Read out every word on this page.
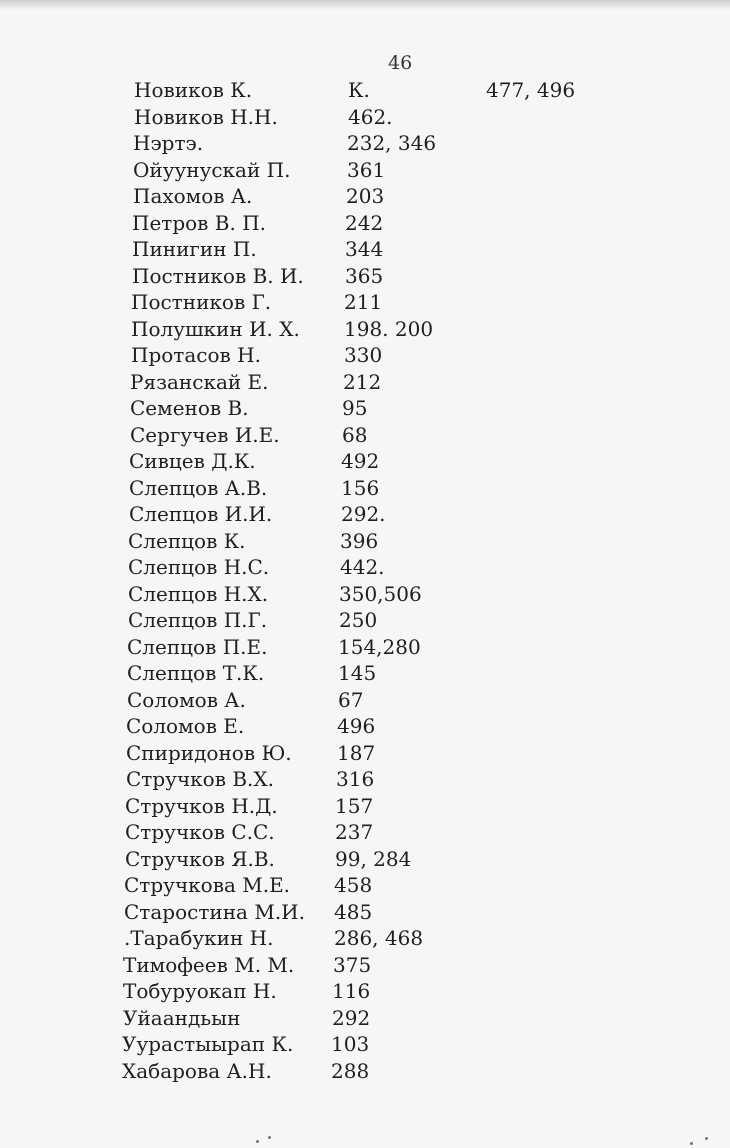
46
Новиков К.	К.	477, 496
Новиков Н.Н.	462.
Нэртэ.	232, 346
Ойуунускай П.	361
Пахомов А.	203
Петров В. П.	242
Пинигин П.	344
Постников В. И. 365
Постников Г.	211
Полушкин И. Х. 198. 200
Протасов Н.	330
Рязанскай Е.	212
Семенов В.	95
Сергучев И.Е.	68
Сивцев Д.К.	492
Слепцов А.В.	156
Слепцов И.И.	292.
Слепцов К.	396
Слепцов Н.С.	442.
Слепцов Н.Х.	350,506
Слепцов П.Г.	250
Слепцов П.Е.	154,280
Слепцов Т.К.	145
Соломов А.	67
Соломов Е.	496
Спиридонов Ю. 187
Стручков В.Х.	316
Стручков Н.Д.	157
Стручков С.С.	237
Стручков Я.В.	99, 284
Стручкова М.Е. 458
Старостина М.И. 485
.Тарабукин Н.	286, 468
Тимофеев М. М. 375
Тобуруокап Н.	116
Уйаандьын	292
Уурастыырап К. 103
Хабарова А.Н.	288
